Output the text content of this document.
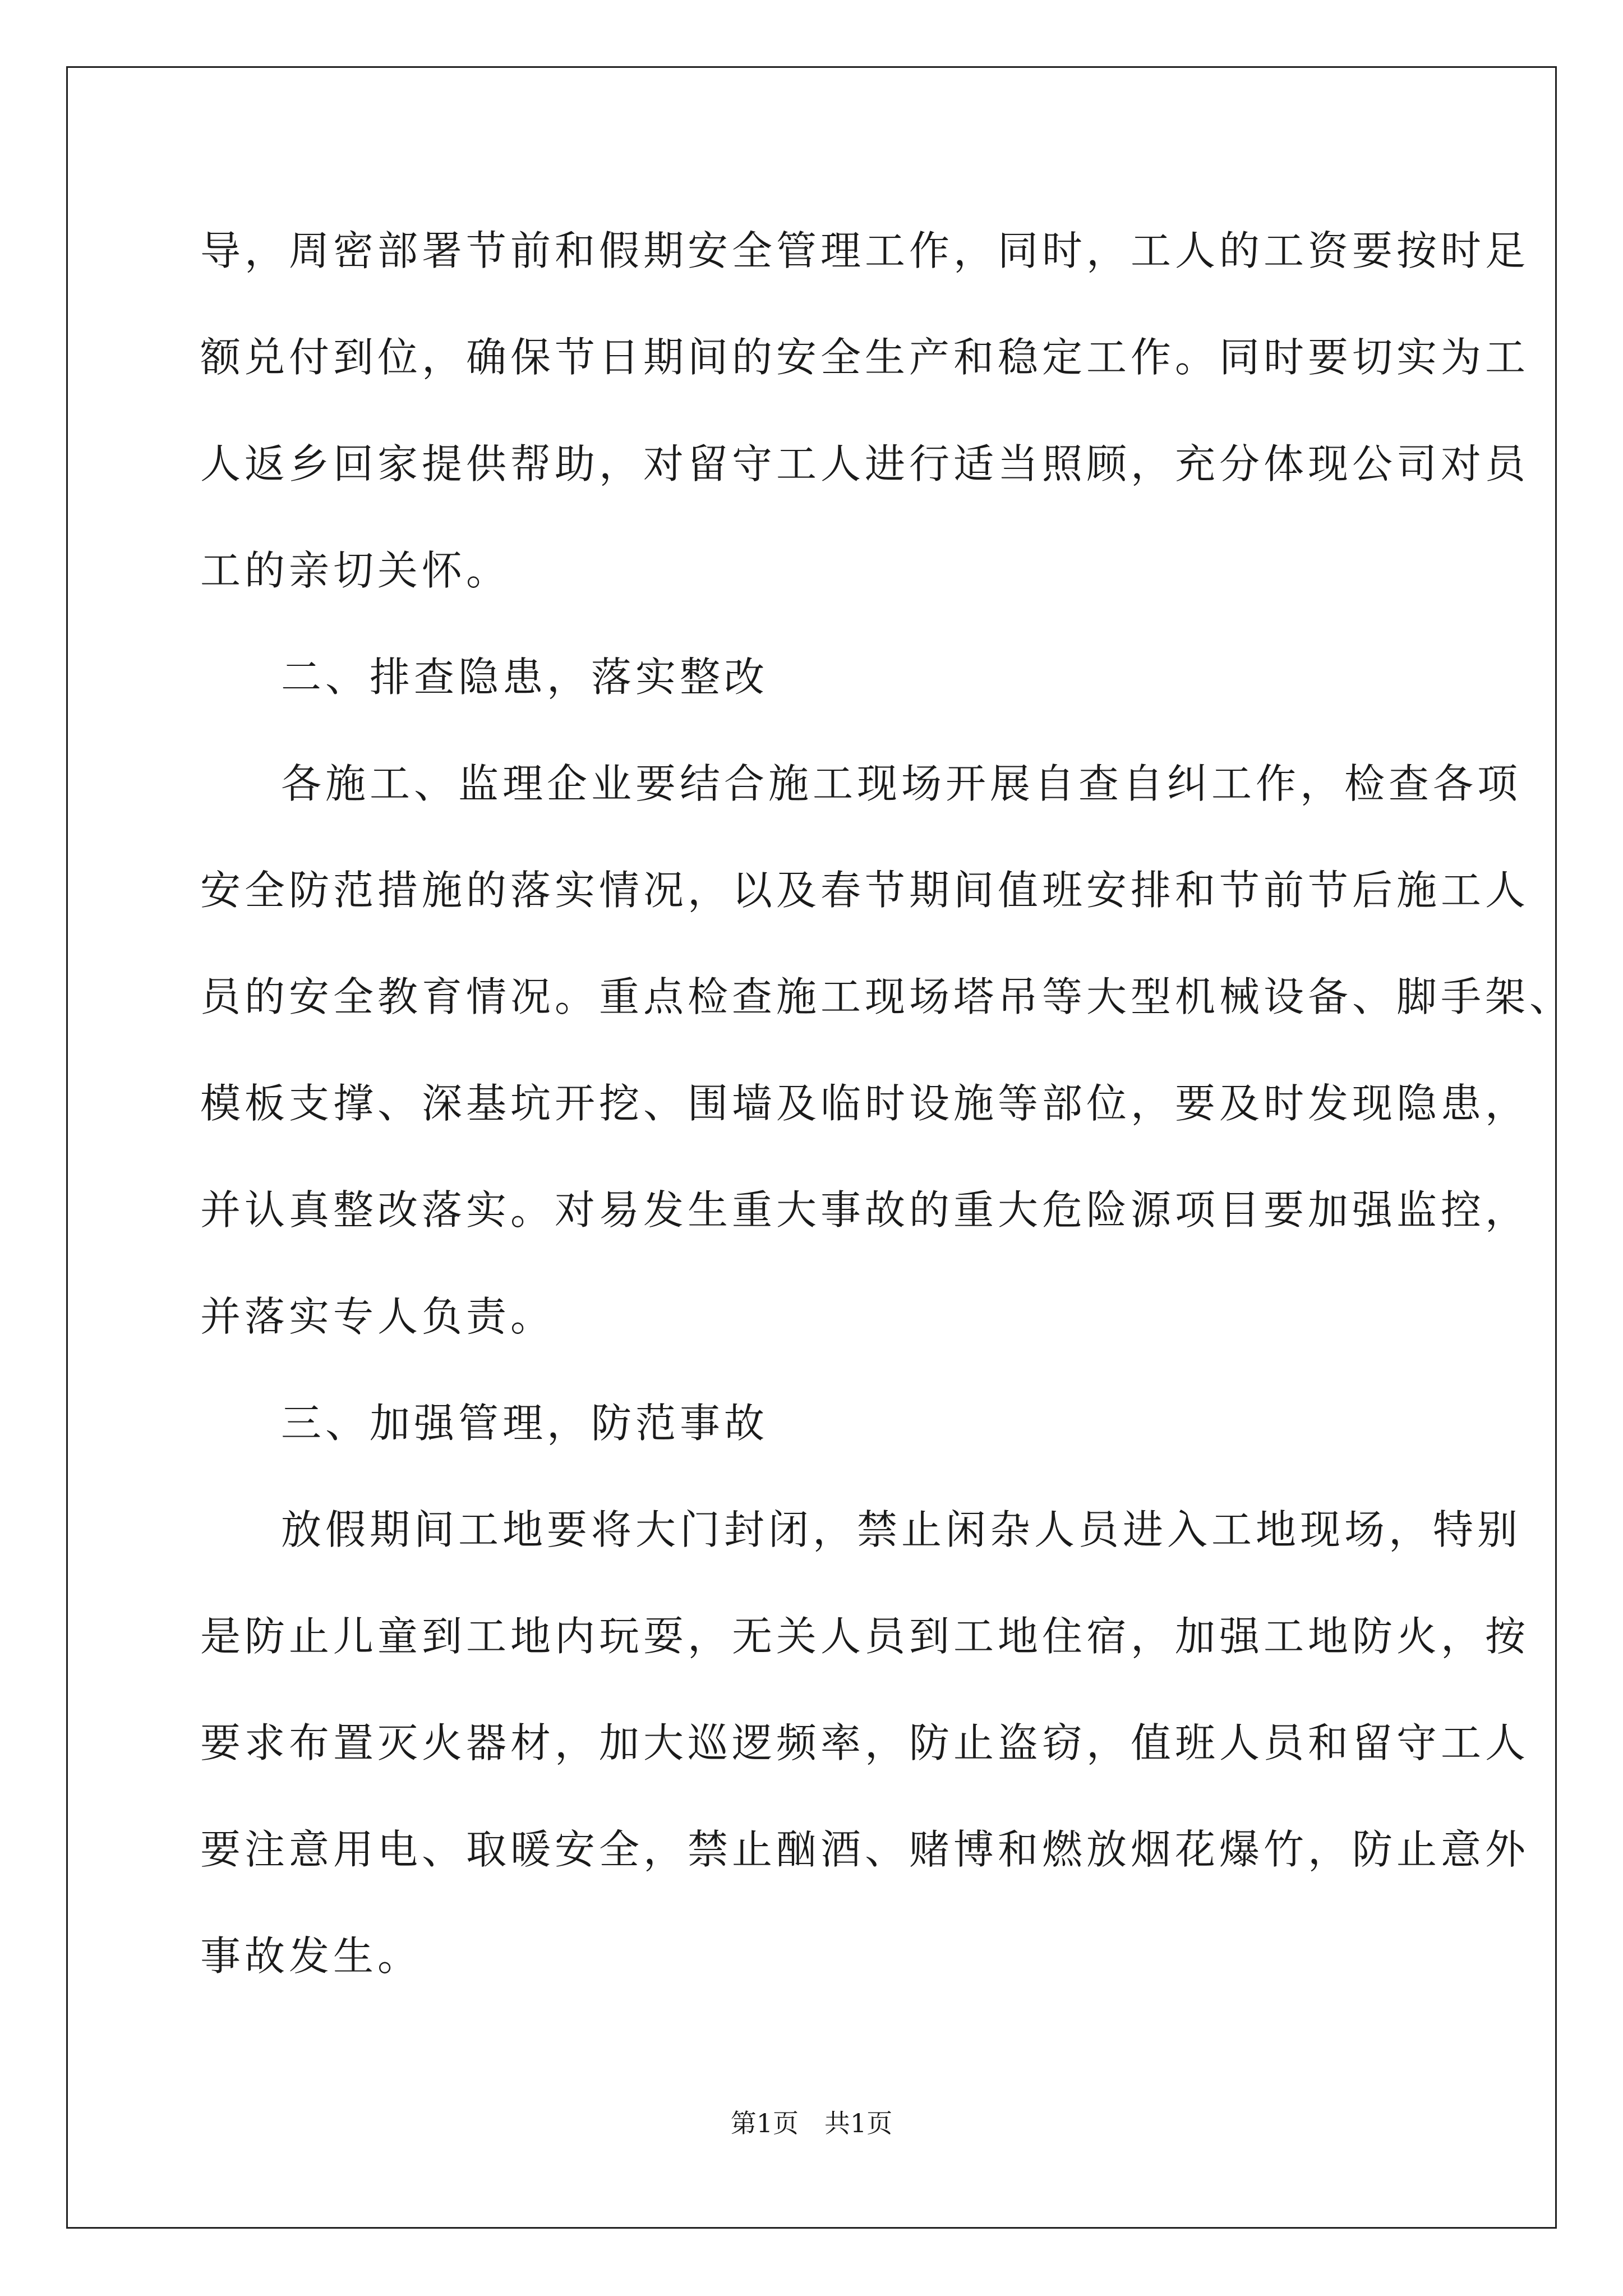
导，周密部署节前和假期安全管理工作，同时，工人的工资要按时足
额兑付到位，确保节日期间的安全生产和稳定工作。同时要切实为工
人返乡回家提供帮助，对留守工人进行适当照顾，充分体现公司对员
工的亲切关怀。
二、排查隐患，落实整改
各施工、监理企业要结合施工现场开展自查自纠工作，检查各项
安全防范措施的落实情况，以及春节期间值班安排和节前节后施工人
员的安全教育情况。重点检查施工现场塔吊等大型机械设备、脚手架、
模板支撑、深基坑开挖、围墙及临时设施等部位，要及时发现隐患，
并认真整改落实。对易发生重大事故的重大危险源项目要加强监控，
并落实专人负责。
三、加强管理，防范事故
放假期间工地要将大门封闭，禁止闲杂人员进入工地现场，特别
是防止儿童到工地内玩耍，无关人员到工地住宿，加强工地防火，按
要求布置灭火器材，加大巡逻频率，防止盗窃，值班人员和留守工人
要注意用电、取暖安全，禁止酗酒、赌博和燃放烟花爆竹，防止意外
事故发生。
第1页　共1页
